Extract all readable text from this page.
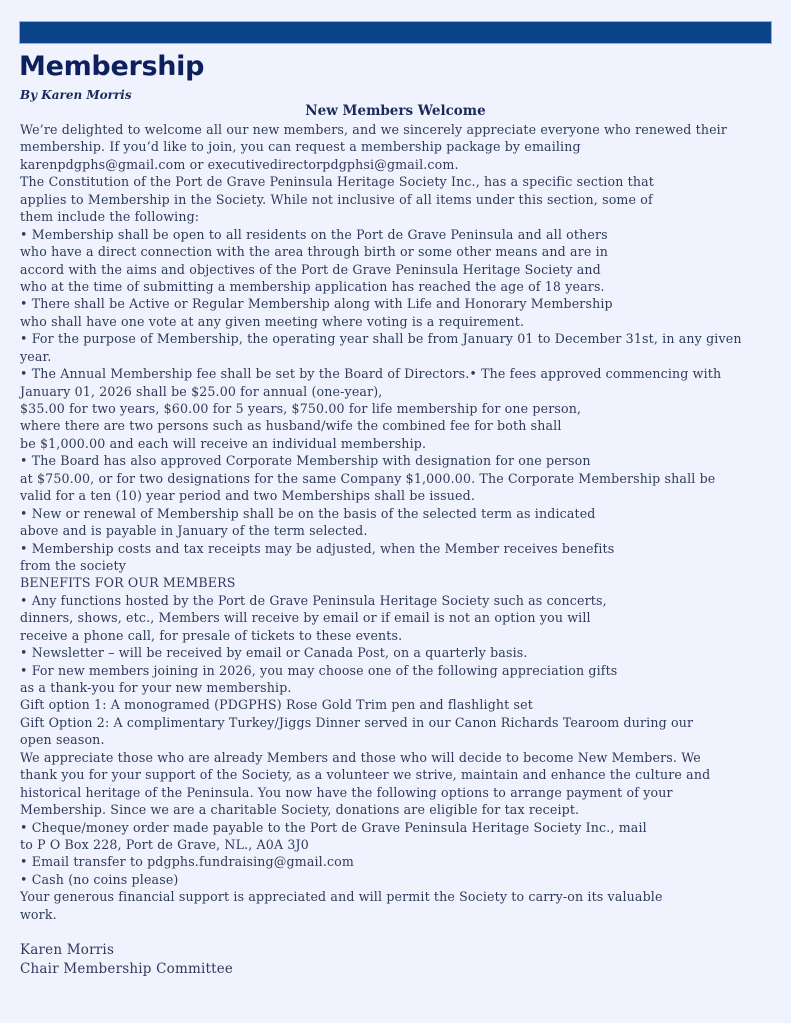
Membership
By Karen Morris
New Members Welcome
We’re delighted to welcome all our new members, and we sincerely appreciate everyone who renewed their
membership. If you’d like to join, you can request a membership package by emailing
karenpdgphs@gmail.com or executivedirectorpdgphsi@gmail.com.
The Constitution of the Port de Grave Peninsula Heritage Society Inc., has a specific section that
applies to Membership in the Society. While not inclusive of all items under this section, some of
them include the following:
• Membership shall be open to all residents on the Port de Grave Peninsula and all others
who have a direct connection with the area through birth or some other means and are in
accord with the aims and objectives of the Port de Grave Peninsula Heritage Society and
who at the time of submitting a membership application has reached the age of 18 years.
• There shall be Active or Regular Membership along with Life and Honorary Membership
who shall have one vote at any given meeting where voting is a requirement.
• For the purpose of Membership, the operating year shall be from January 01 to December 31st, in any given
year.
• The Annual Membership fee shall be set by the Board of Directors.• The fees approved commencing with
January 01, 2026 shall be $25.00 for annual (one-year),
$35.00 for two years, $60.00 for 5 years, $750.00 for life membership for one person,
where there are two persons such as husband/wife the combined fee for both shall
be $1,000.00 and each will receive an individual membership.
• The Board has also approved Corporate Membership with designation for one person
at $750.00, or for two designations for the same Company $1,000.00. The Corporate Membership shall be
valid for a ten (10) year period and two Memberships shall be issued.
• New or renewal of Membership shall be on the basis of the selected term as indicated
above and is payable in January of the term selected.
• Membership costs and tax receipts may be adjusted, when the Member receives benefits
from the society
BENEFITS FOR OUR MEMBERS
• Any functions hosted by the Port de Grave Peninsula Heritage Society such as concerts,
dinners, shows, etc., Members will receive by email or if email is not an option you will
receive a phone call, for presale of tickets to these events.
• Newsletter – will be received by email or Canada Post, on a quarterly basis.
• For new members joining in 2026, you may choose one of the following appreciation gifts
as a thank-you for your new membership.
Gift option 1: A monogramed (PDGPHS) Rose Gold Trim pen and flashlight set
Gift Option 2: A complimentary Turkey/Jiggs Dinner served in our Canon Richards Tearoom during our
open season.
We appreciate those who are already Members and those who will decide to become New Members. We
thank you for your support of the Society, as a volunteer we strive, maintain and enhance the culture and
historical heritage of the Peninsula. You now have the following options to arrange payment of your
Membership. Since we are a charitable Society, donations are eligible for tax receipt.
• Cheque/money order made payable to the Port de Grave Peninsula Heritage Society Inc., mail
to P O Box 228, Port de Grave, NL., A0A 3J0
• Email transfer to pdgphs.fundraising@gmail.com
• Cash (no coins please)
Your generous financial support is appreciated and will permit the Society to carry-on its valuable
work.
Karen Morris
Chair Membership Committee
